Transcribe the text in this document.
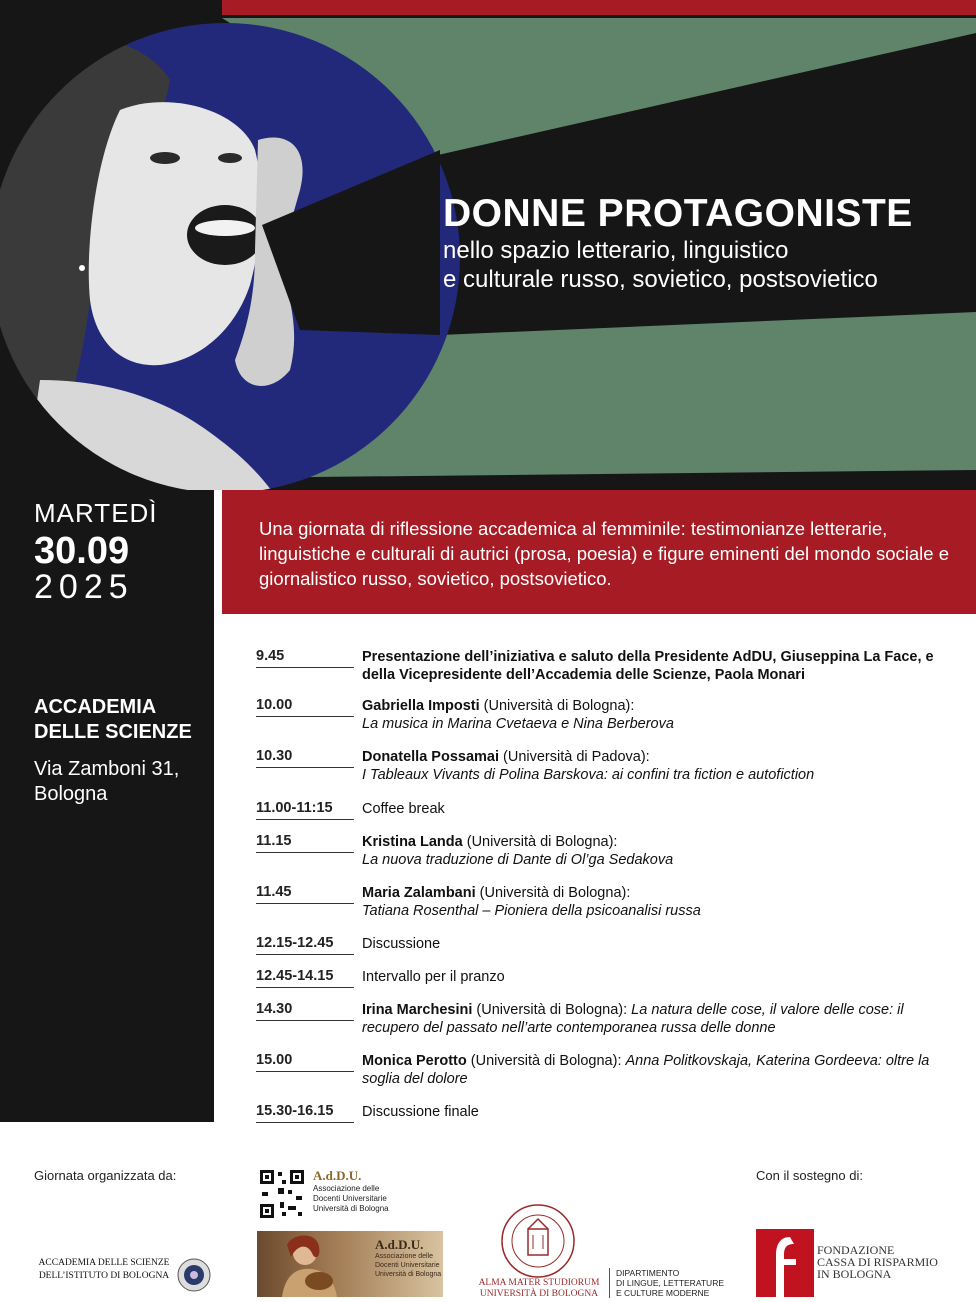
DONNE PROTAGONISTE

nello spazio letterario, linguistico

e culturale russo, sovietico, postsovietico

MARTEDÌ
30.09
2025
ACCADEMIA
DELLE SCIENZE
Via Zamboni 31,
Bologna

Una giornata di riflessione accademica al femminile: testimonianze letterarie, linguistiche e culturali di autrici (prosa, poesia) e figure eminenti del mondo sociale e giornalistico russo, sovietico, postsovietico.

9.45	Presentazione dell’iniziativa e saluto della Presidente AdDU, Giuseppina La Face, e della Vicepresidente dell’Accademia delle Scienze, Paola Monari
10.00	Gabriella Imposti (Università di Bologna):
La musica in Marina Cvetaeva e Nina Berberova
10.30	Donatella Possamai (Università di Padova):
I Tableaux Vivants di Polina Barskova: ai confini tra fiction e autofiction
11.00-11:15	Coffee break
11.15	Kristina Landa (Università di Bologna):
La nuova traduzione di Dante di Ol’ga Sedakova
11.45	Maria Zalambani (Università di Bologna):
Tatiana Rosenthal – Pioniera della psicoanalisi russa
12.15-12.45	Discussione
12.45-14.15	Intervallo per il pranzo
14.30	Irina Marchesini (Università di Bologna): La natura delle cose, il valore delle cose: il recupero del passato nell’arte contemporanea russa delle donne
15.00	Monica Perotto (Università di Bologna): Anna Politkovskaja, Katerina Gordeeva: oltre la soglia del dolore
15.30-16.15	Discussione finale
Giornata organizzata da:	Con il sostegno di:
ACCADEMIA DELLE SCIENZE
DELL’ISTITUTO DI BOLOGNA
A.d.D.U.
Associazione delle
Docenti Universitarie
Università di Bologna
A.d.D.U.
Associazione delle
Docenti Universitarie
Università di Bologna
ALMA MATER STUDIORUM
UNIVERSITÀ DI BOLOGNA
DIPARTIMENTO
DI LINGUE, LETTERATURE
E CULTURE MODERNE
FONDAZIONE
CASSA DI RISPARMIO
IN BOLOGNA
